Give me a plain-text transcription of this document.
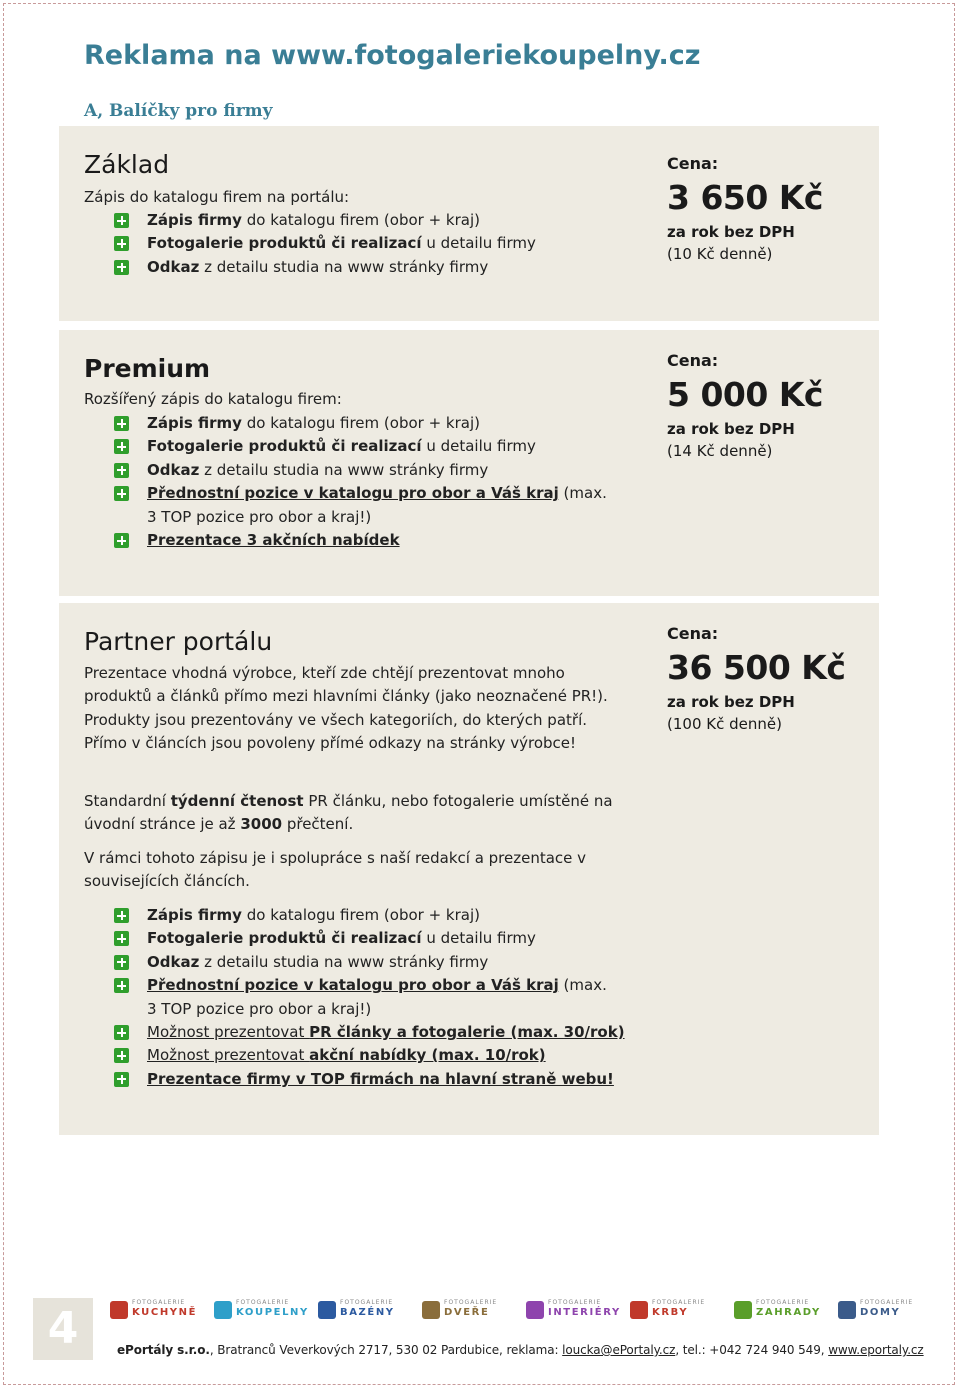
Reklama na www.fotogaleriekoupelny.cz
A, Balíčky pro firmy
Základ
Zápis do katalogu firem na portálu:
Zápis firmy do katalogu firem (obor + kraj)
Fotogalerie produktů či realizací u detailu firmy
Odkaz z detailu studia na www stránky firmy
Cena:
3 650 Kč
za rok bez DPH
(10 Kč denně)
Premium
Rozšířený zápis do katalogu firem:
Zápis firmy do katalogu firem (obor + kraj)
Fotogalerie produktů či realizací u detailu firmy
Odkaz z detailu studia na www stránky firmy
Přednostní pozice v katalogu pro obor a Váš kraj (max.
3 TOP pozice pro obor a kraj!)
Prezentace 3 akčních nabídek
Cena:
5 000 Kč
za rok bez DPH
(14 Kč denně)
Partner portálu

Prezentace vhodná výrobce, kteří zde chtějí prezentovat mnoho produktů a článků přímo mezi hlavními články (jako neoznačené PR!). Produkty jsou prezentovány ve všech kategoriích, do kterých patří. Přímo v článcích jsou povoleny přímé odkazy na stránky výrobce!

Standardní týdenní čtenost PR článku, nebo fotogalerie umístěné na úvodní stránce je až 3000 přečtení.

V rámci tohoto zápisu je i spolupráce s naší redakcí a prezentace v souvisejících článcích.

Zápis firmy do katalogu firem (obor + kraj)
Fotogalerie produktů či realizací u detailu firmy
Odkaz z detailu studia na www stránky firmy
Přednostní pozice v katalogu pro obor a Váš kraj (max.
3 TOP pozice pro obor a kraj!)
Možnost prezentovat PR články a fotogalerie (max. 30/rok)
Možnost prezentovat akční nabídky (max. 10/rok)
Prezentace firmy v TOP firmách na hlavní straně webu!
Cena:
36 500 Kč
za rok bez DPH
(100 Kč denně)
4
FOTOGALERIE
KUCHYNĚ
FOTOGALERIE
KOUPELNY
FOTOGALERIE
BAZÉNY
FOTOGALERIE
DVEŘE
FOTOGALERIE
INTERIÉRY
FOTOGALERIE
KRBY
FOTOGALERIE
ZAHRADY
FOTOGALERIE
DOMY
ePortály s.r.o., Bratranců Veverkových 2717, 530 02 Pardubice, reklama: loucka@ePortaly.cz, tel.: +042 724 940 549, www.eportaly.cz
